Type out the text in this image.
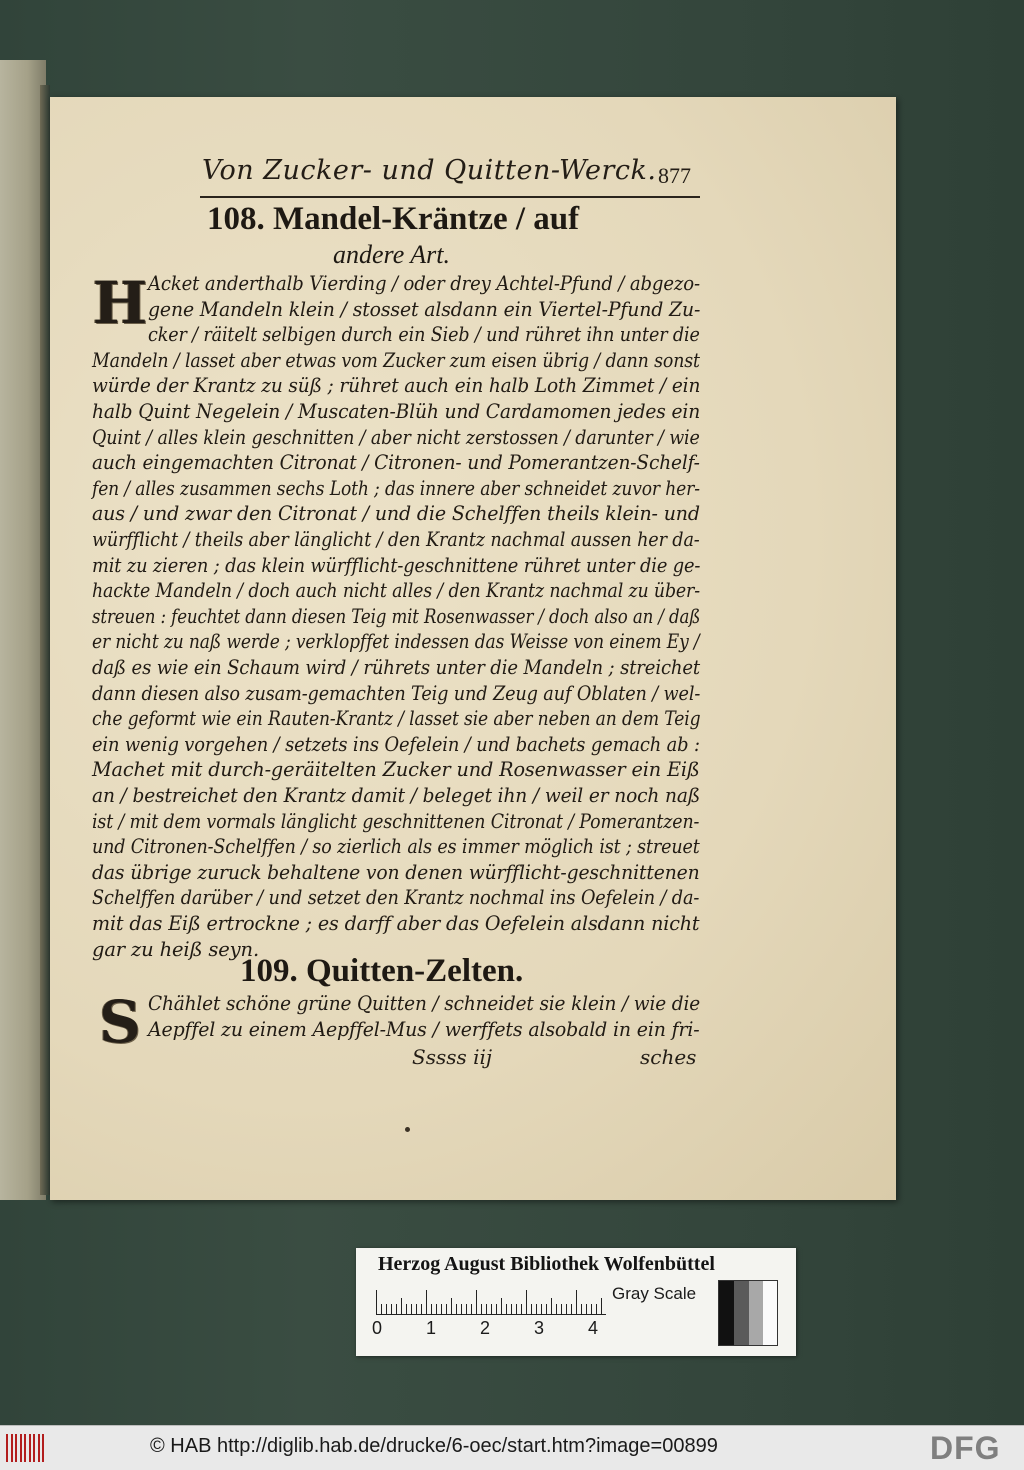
Von Zucker- und Quitten-Werck. 877
108. Mandel-Kräntze / auf
andere Art.
H Acket anderthalb Vierding / oder drey Achtel-Pfund / abgezo-
gene Mandeln klein / stosset alsdann ein Viertel-Pfund Zu-
cker / räitelt selbigen durch ein Sieb / und rühret ihn unter die
Mandeln / lasset aber etwas vom Zucker zum eisen übrig / dann sonst
würde der Krantz zu süß ; rühret auch ein halb Loth Zimmet / ein
halb Quint Negelein / Muscaten-Blüh und Cardamomen jedes ein
Quint / alles klein geschnitten / aber nicht zerstossen / darunter / wie
auch eingemachten Citronat / Citronen- und Pomerantzen-Schelf-
fen / alles zusammen sechs Loth ; das innere aber schneidet zuvor her-
aus / und zwar den Citronat / und die Schelffen theils klein- und
würfflicht / theils aber länglicht / den Krantz nachmal aussen her da-
mit zu zieren ; das klein würfflicht-geschnittene rühret unter die ge-
hackte Mandeln / doch auch nicht alles / den Krantz nachmal zu über-
streuen : feuchtet dann diesen Teig mit Rosenwasser / doch also an / daß
er nicht zu naß werde ; verklopffet indessen das Weisse von einem Ey /
daß es wie ein Schaum wird / rührets unter die Mandeln ; streichet
dann diesen also zusam-gemachten Teig und Zeug auf Oblaten / wel-
che geformt wie ein Rauten-Krantz / lasset sie aber neben an dem Teig
ein wenig vorgehen / setzets ins Oefelein / und bachets gemach ab :
Machet mit durch-geräitelten Zucker und Rosenwasser ein Eiß
an / bestreichet den Krantz damit / beleget ihn / weil er noch naß
ist / mit dem vormals länglicht geschnittenen Citronat / Pomerantzen-
und Citronen-Schelffen / so zierlich als es immer möglich ist ; streuet
das übrige zuruck behaltene von denen würfflicht-geschnittenen
Schelffen darüber / und setzet den Krantz nochmal ins Oefelein / da-
mit das Eiß ertrockne ; es darff aber das Oefelein alsdann nicht
gar zu heiß seyn.
109. Quitten-Zelten.
S Chählet schöne grüne Quitten / schneidet sie klein / wie die
Aepffel zu einem Aepffel-Mus / werffets alsobald in ein fri-
Sssss iij	sches
Herzog August Bibliothek Wolfenbüttel
0 1 2 3 4
Gray Scale
© HAB http://diglib.hab.de/drucke/6-oec/start.htm?image=00899	DFG
